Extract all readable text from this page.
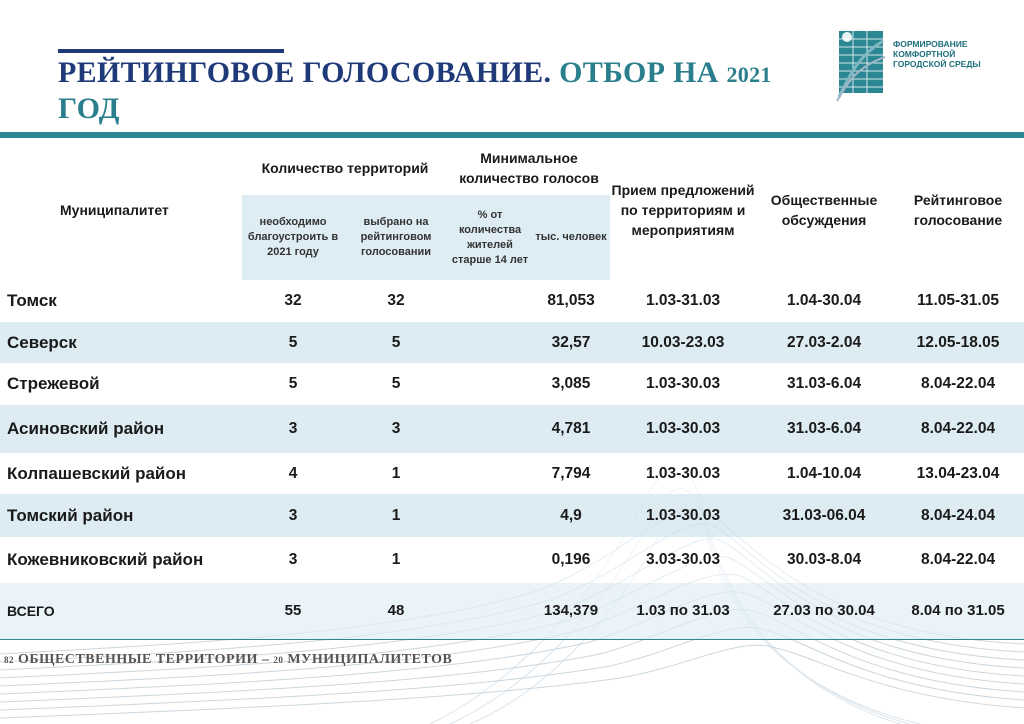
РЕЙТИНГОВОЕ ГОЛОСОВАНИЕ. ОТБОР НА 2021
ГОД
ФОРМИРОВАНИЕ КОМФОРТНОЙ ГОРОДСКОЙ СРЕДЫ
Муниципалитет	Количество территорий		Минимальное количество голосов		Прием предложений по территориям и мероприятиям	Общественные обсуждения	Рейтинговое голосование
	необходимо благоустроить в 2021 году	выбрано на рейтинговом голосовании	% от количества жителей старше 14 лет	тыс. человек			
Томск	32	32		81,053	1.03-31.03	1.04-30.04	11.05-31.05
Северск	5	5		32,57	10.03-23.03	27.03-2.04	12.05-18.05
Стрежевой	5	5		3,085	1.03-30.03	31.03-6.04	8.04-22.04
Асиновский район	3	3		4,781	1.03-30.03	31.03-6.04	8.04-22.04
Колпашевский район	4	1		7,794	1.03-30.03	1.04-10.04	13.04-23.04
Томский район	3	1		4,9	1.03-30.03	31.03-06.04	8.04-24.04
Кожевниковский район	3	1		0,196	3.03-30.03	30.03-8.04	8.04-22.04
ВСЕГО	55	48		134,379	1.03 по 31.03	27.03 по 30.04	8.04 по 31.05
82 ОБЩЕСТВЕННЫЕ ТЕРРИТОРИИ – 20 МУНИЦИПАЛИТЕТОВ
